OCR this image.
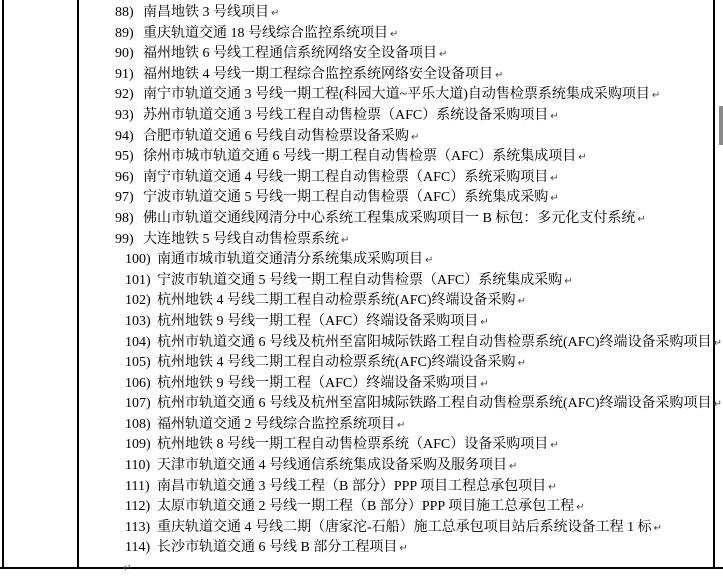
88) 南昌地铁 3 号线项目 ↵
89) 重庆轨道交通 18 号线综合监控系统项目 ↵
90) 福州地铁 6 号线工程通信系统网络安全设备项目 ↵
91) 福州地铁 4 号线一期工程综合监控系统网络安全设备项目 ↵
92) 南宁市轨道交通 3 号线一期工程(科园大道~平乐大道)自动售检票系统集成采购项目 ↵
93) 苏州市轨道交通 3 号线工程自动售检票（AFC）系统设备采购项目 ↵
94) 合肥市轨道交通 6 号线自动售检票设备采购 ↵
95) 徐州市城市轨道交通 6 号线一期工程自动售检票（AFC）系统集成项目 ↵
96) 南宁市轨道交通 4 号线一期工程自动售检票（AFC）系统采购项目 ↵
97) 宁波市轨道交通 5 号线一期工程自动售检票（AFC）系统集成采购 ↵
98) 佛山市轨道交通线网清分中心系统工程集成采购项目一 B 标包：多元化支付系统 ↵
99) 大连地铁 5 号线自动售检票系统 ↵
100) 南通市城市轨道交通清分系统集成采购项目 ↵
101) 宁波市轨道交通 5 号线一期工程自动售检票（AFC）系统集成采购 ↵
102) 杭州地铁 4 号线二期工程自动检票系统(AFC)终端设备采购 ↵
103) 杭州地铁 9 号线一期工程（AFC）终端设备采购项目 ↵
104) 杭州市轨道交通 6 号线及杭州至富阳城际铁路工程自动售检票系统(AFC)终端设备采购项目 ↵
105) 杭州地铁 4 号线二期工程自动检票系统(AFC)终端设备采购 ↵
106) 杭州地铁 9 号线一期工程（AFC）终端设备采购项目 ↵
107) 杭州市轨道交通 6 号线及杭州至富阳城际铁路工程自动售检票系统(AFC)终端设备采购项目 ↵
108) 福州轨道交通 2 号线综合监控系统项目 ↵
109) 杭州地铁 8 号线一期工程自动售检票系统（AFC）设备采购项目 ↵
110) 天津市轨道交通 4 号线通信系统集成设备采购及服务项目 ↵
111) 南昌市轨道交通 3 号线工程（B 部分）PPP 项目工程总承包项目 ↵
112) 太原市轨道交通 2 号线一期工程（B 部分）PPP 项目施工总承包工程 ↵
113) 重庆轨道交通 4 号线二期（唐家沱-石船）施工总承包项目站后系统设备工程 1 标 ↵
114) 长沙市轨道交通 6 号线 B 部分工程项目 ↵
↵
